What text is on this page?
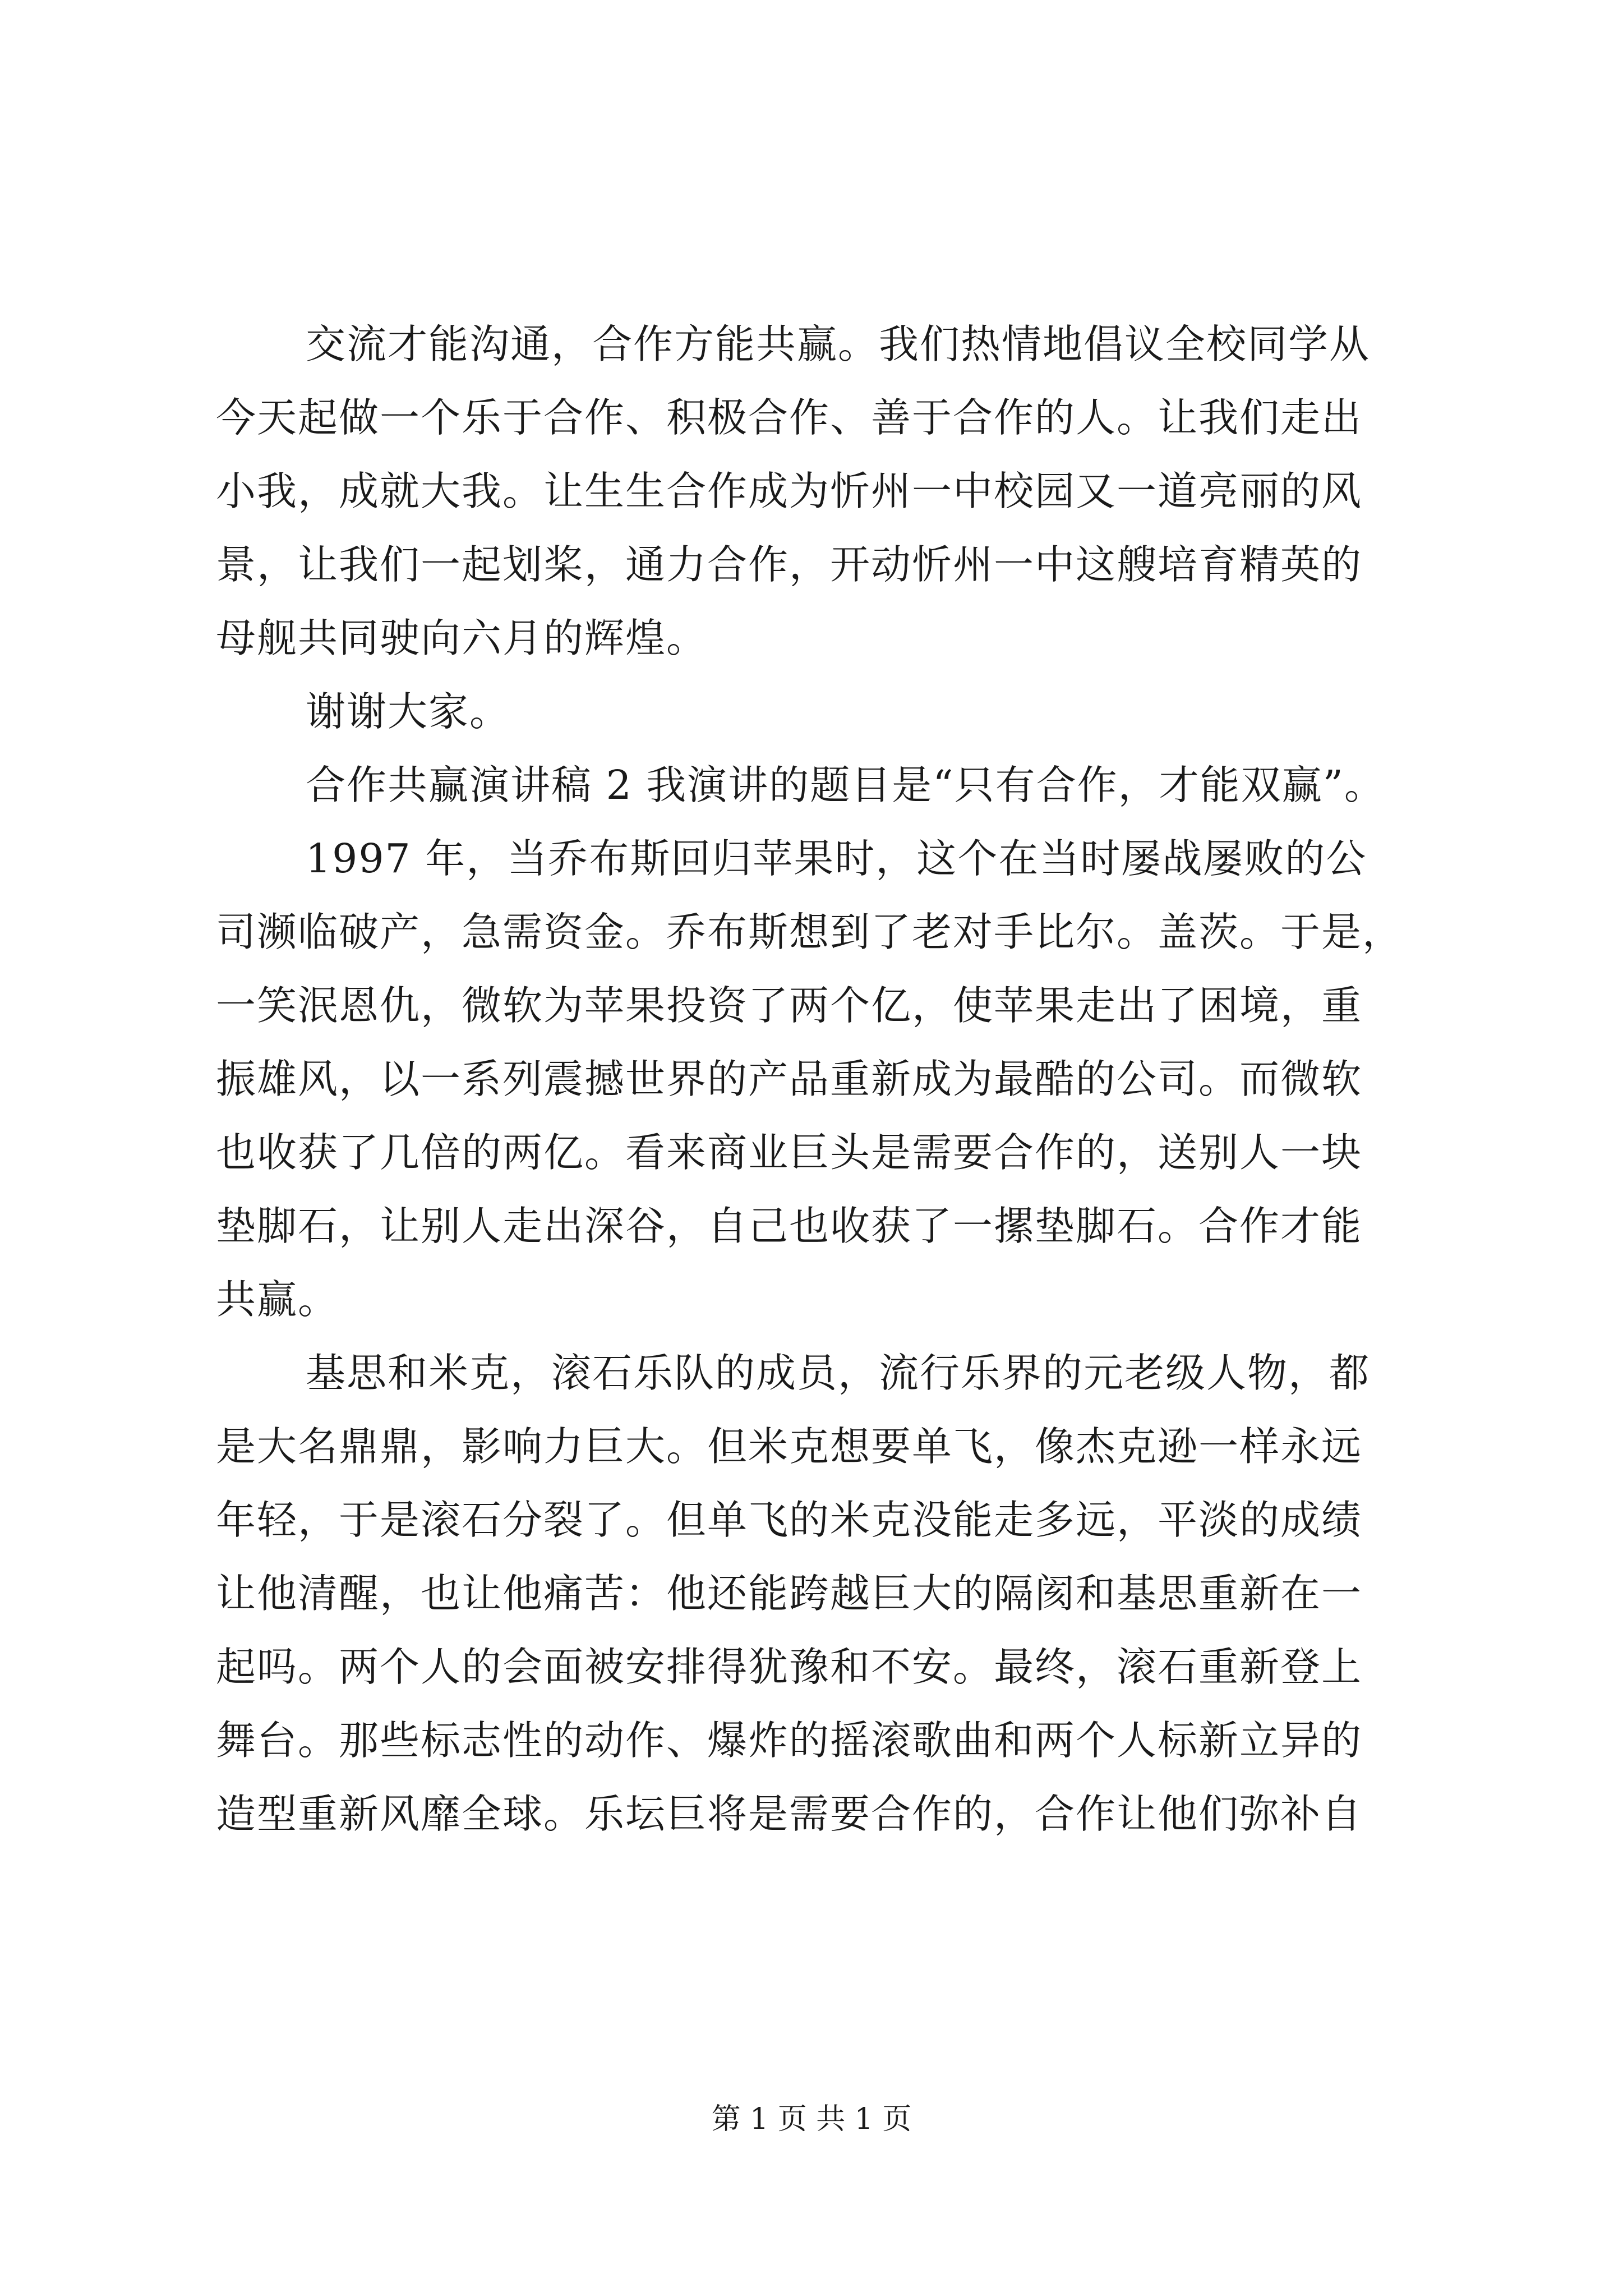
交流才能沟通，合作方能共赢。我们热情地倡议全校同学从
今天起做一个乐于合作、积极合作、善于合作的人。让我们走出
小我，成就大我。让生生合作成为忻州一中校园又一道亮丽的风
景，让我们一起划桨，通力合作，开动忻州一中这艘培育精英的
母舰共同驶向六月的辉煌。
谢谢大家。
合作共赢演讲稿 2 我演讲的题目是“只有合作，才能双赢”。
1997 年，当乔布斯回归苹果时，这个在当时屡战屡败的公
司濒临破产，急需资金。乔布斯想到了老对手比尔。盖茨。于是，
一笑泯恩仇，微软为苹果投资了两个亿，使苹果走出了困境，重
振雄风，以一系列震撼世界的产品重新成为最酷的公司。而微软
也收获了几倍的两亿。看来商业巨头是需要合作的，送别人一块
垫脚石，让别人走出深谷，自己也收获了一摞垫脚石。合作才能
共赢。
基思和米克，滚石乐队的成员，流行乐界的元老级人物，都
是大名鼎鼎，影响力巨大。但米克想要单飞，像杰克逊一样永远
年轻，于是滚石分裂了。但单飞的米克没能走多远，平淡的成绩
让他清醒，也让他痛苦：他还能跨越巨大的隔阂和基思重新在一
起吗。两个人的会面被安排得犹豫和不安。最终，滚石重新登上
舞台。那些标志性的动作、爆炸的摇滚歌曲和两个人标新立异的
造型重新风靡全球。乐坛巨将是需要合作的，合作让他们弥补自
第 1 页 共 1 页
